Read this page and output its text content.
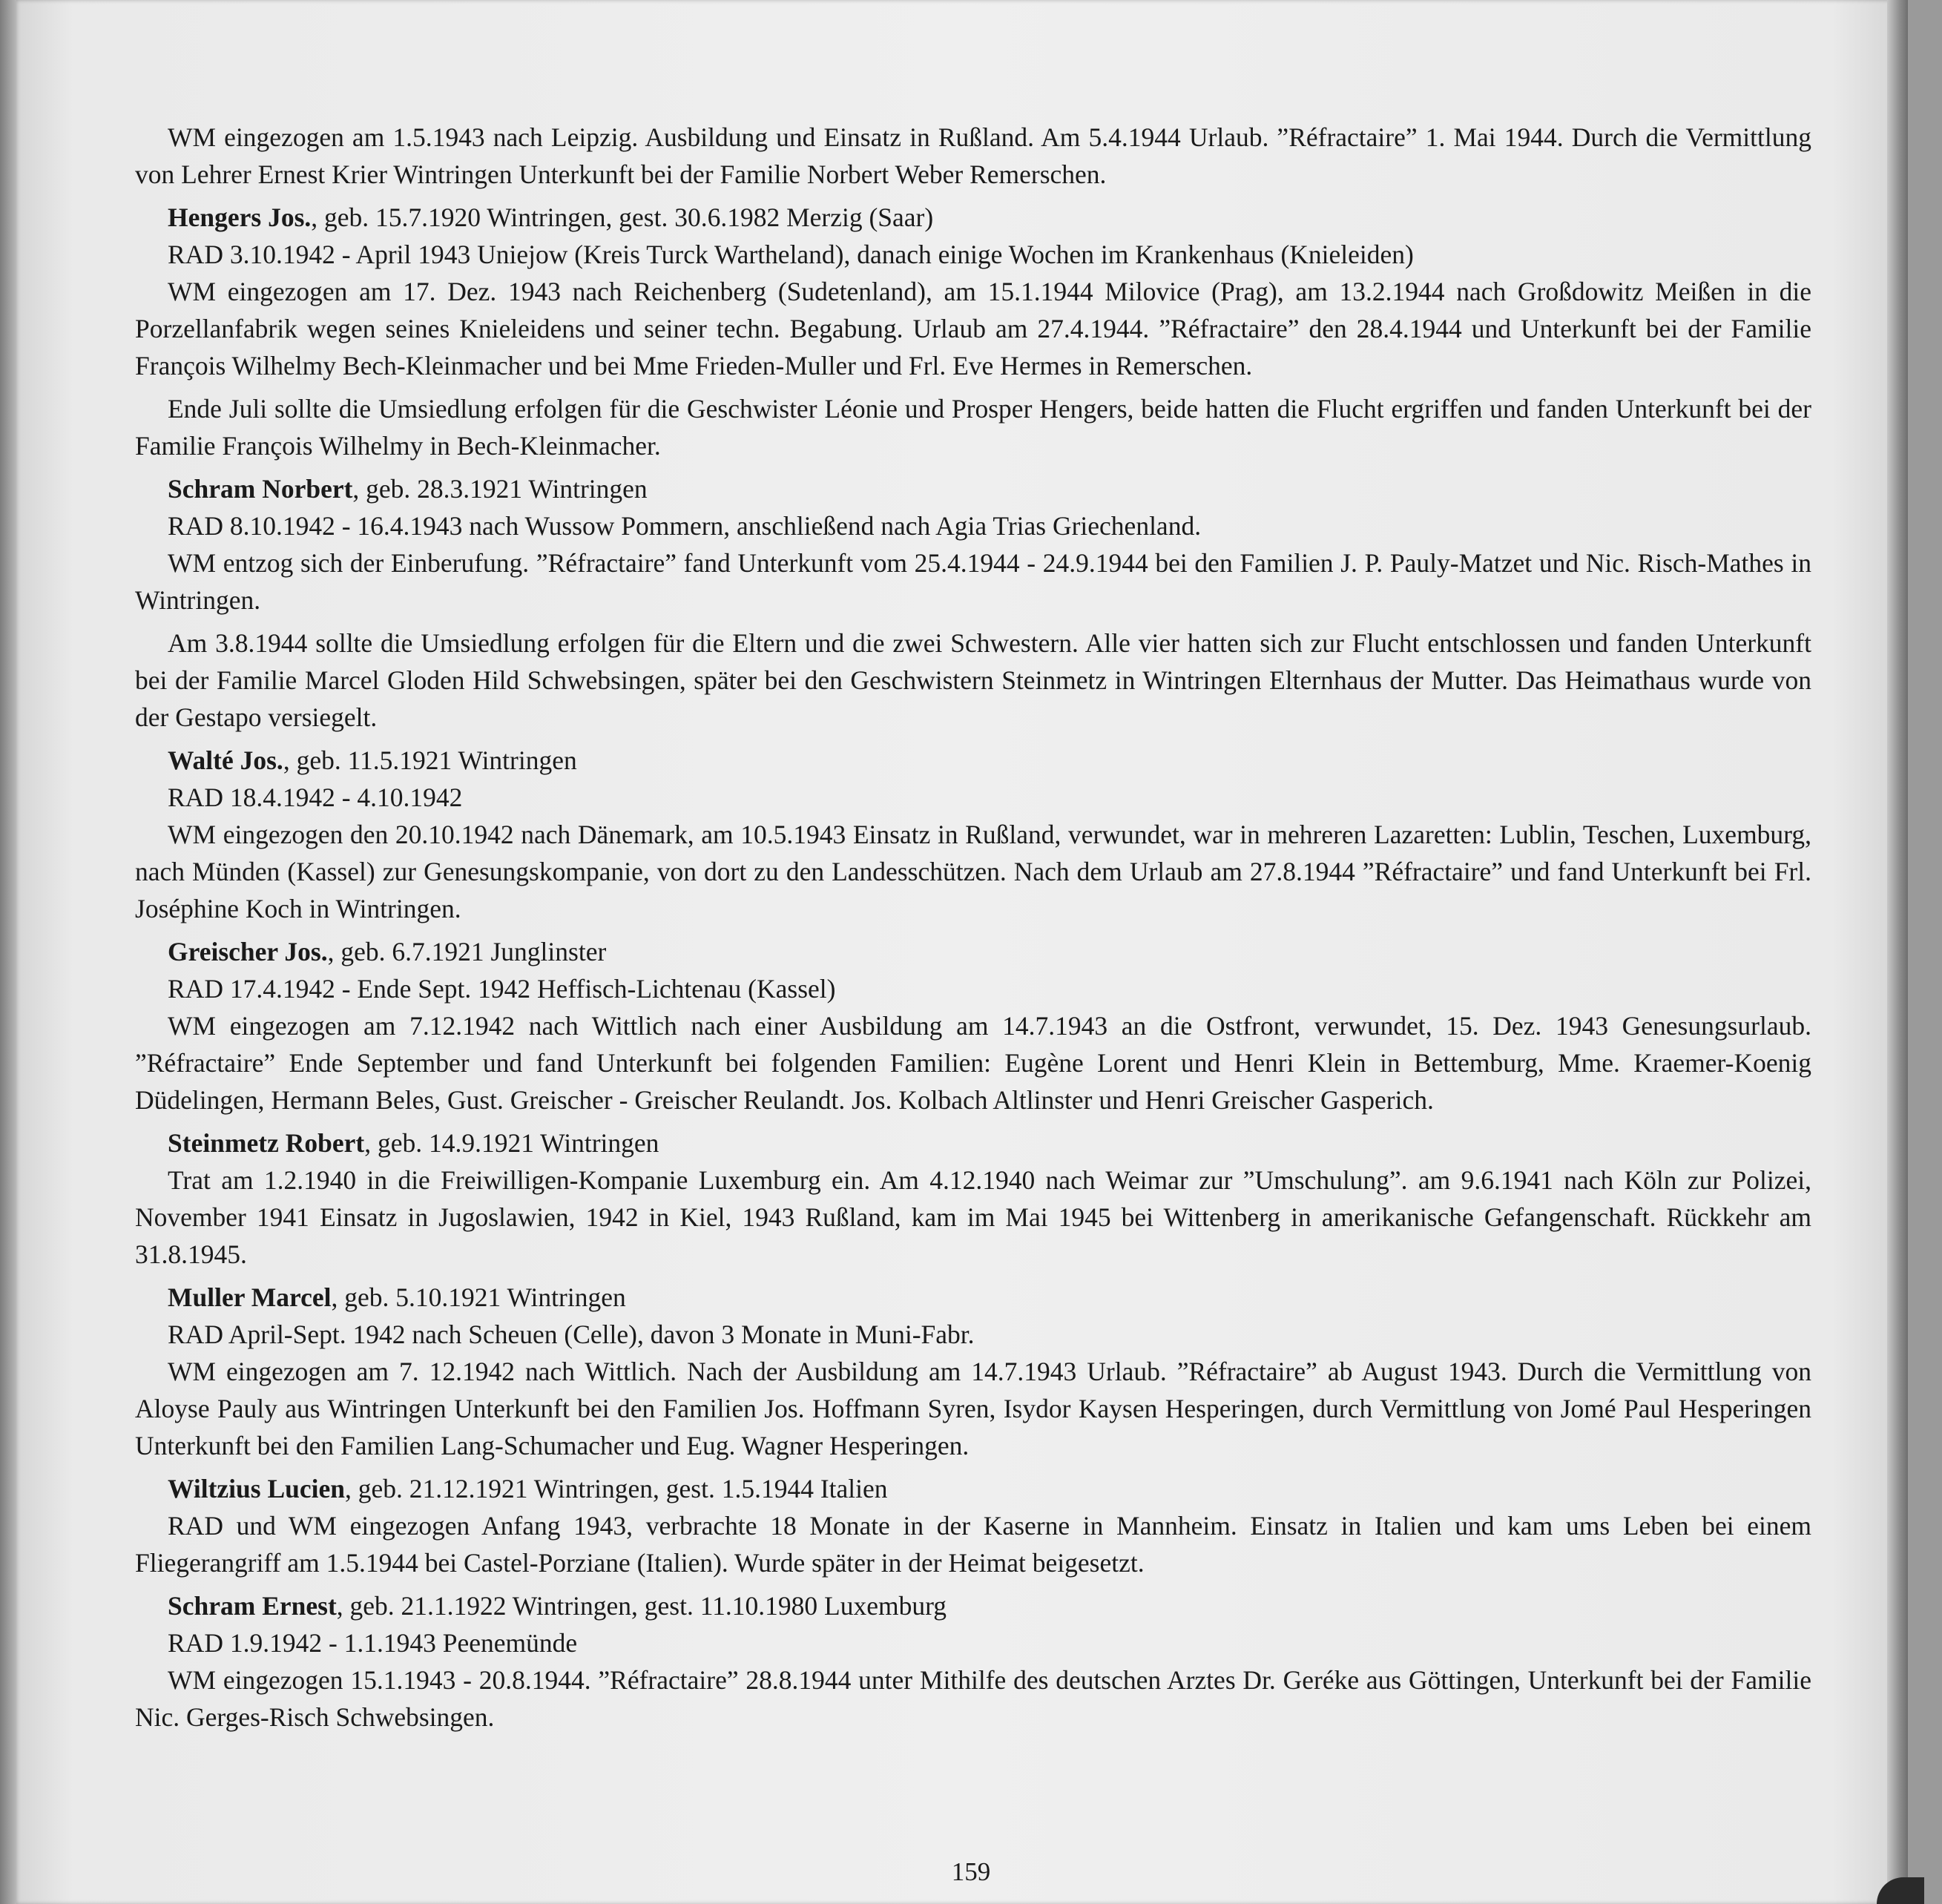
WM eingezogen am 1.5.1943 nach Leipzig. Ausbildung und Einsatz in Rußland. Am 5.4.1944 Urlaub. ”Réfractaire” 1. Mai 1944. Durch die Vermittlung von Lehrer Ernest Krier Wintringen Unterkunft bei der Familie Norbert Weber Remerschen.

Hengers Jos., geb. 15.7.1920 Wintringen, gest. 30.6.1982 Merzig (Saar)

RAD 3.10.1942 - April 1943 Uniejow (Kreis Turck Wartheland), danach einige Wochen im Krankenhaus (Knieleiden)

WM eingezogen am 17. Dez. 1943 nach Reichenberg (Sudetenland), am 15.1.1944 Milovice (Prag), am 13.2.1944 nach Großdowitz Meißen in die Porzellanfabrik wegen seines Knieleidens und seiner techn. Begabung. Urlaub am 27.4.1944. ”Réfractaire” den 28.4.1944 und Unterkunft bei der Familie François Wilhelmy Bech-Kleinmacher und bei Mme Frieden-Muller und Frl. Eve Hermes in Remerschen.

Ende Juli sollte die Umsiedlung erfolgen für die Geschwister Léonie und Prosper Hengers, beide hatten die Flucht ergriffen und fanden Unterkunft bei der Familie François Wilhelmy in Bech-Kleinmacher.

Schram Norbert, geb. 28.3.1921 Wintringen

RAD 8.10.1942 - 16.4.1943 nach Wussow Pommern, anschließend nach Agia Trias Griechenland.

WM entzog sich der Einberufung. ”Réfractaire” fand Unterkunft vom 25.4.1944 - 24.9.1944 bei den Familien J. P. Pauly-Matzet und Nic. Risch-Mathes in Wintringen.

Am 3.8.1944 sollte die Umsiedlung erfolgen für die Eltern und die zwei Schwestern. Alle vier hatten sich zur Flucht entschlossen und fanden Unterkunft bei der Familie Marcel Gloden Hild Schwebsingen, später bei den Geschwistern Steinmetz in Wintringen Elternhaus der Mutter. Das Heimathaus wurde von der Gestapo versiegelt.

Walté Jos., geb. 11.5.1921 Wintringen

RAD 18.4.1942 - 4.10.1942

WM eingezogen den 20.10.1942 nach Dänemark, am 10.5.1943 Einsatz in Rußland, verwundet, war in mehreren Lazaretten: Lublin, Teschen, Luxemburg, nach Münden (Kassel) zur Genesungskompanie, von dort zu den Landesschützen. Nach dem Urlaub am 27.8.1944 ”Réfractaire” und fand Unterkunft bei Frl. Joséphine Koch in Wintringen.

Greischer Jos., geb. 6.7.1921 Junglinster

RAD 17.4.1942 - Ende Sept. 1942 Heffisch-Lichtenau (Kassel)

WM eingezogen am 7.12.1942 nach Wittlich nach einer Ausbildung am 14.7.1943 an die Ostfront, verwundet, 15. Dez. 1943 Genesungsurlaub. ”Réfractaire” Ende September und fand Unterkunft bei folgenden Familien: Eugène Lorent und Henri Klein in Bettemburg, Mme. Kraemer-Koenig Düdelingen, Hermann Beles, Gust. Greischer - Greischer Reulandt. Jos. Kolbach Altlinster und Henri Greischer Gasperich.

Steinmetz Robert, geb. 14.9.1921 Wintringen

Trat am 1.2.1940 in die Freiwilligen-Kompanie Luxemburg ein. Am 4.12.1940 nach Weimar zur ”Umschulung”. am 9.6.1941 nach Köln zur Polizei, November 1941 Einsatz in Jugoslawien, 1942 in Kiel, 1943 Rußland, kam im Mai 1945 bei Wittenberg in amerikanische Gefangenschaft. Rückkehr am 31.8.1945.

Muller Marcel, geb. 5.10.1921 Wintringen

RAD April-Sept. 1942 nach Scheuen (Celle), davon 3 Monate in Muni-Fabr.

WM eingezogen am 7. 12.1942 nach Wittlich. Nach der Ausbildung am 14.7.1943 Urlaub. ”Réfractaire” ab August 1943. Durch die Vermittlung von Aloyse Pauly aus Wintringen Unterkunft bei den Familien Jos. Hoffmann Syren, Isydor Kaysen Hesperingen, durch Vermittlung von Jomé Paul Hesperingen Unterkunft bei den Familien Lang-Schumacher und Eug. Wagner Hesperingen.

Wiltzius Lucien, geb. 21.12.1921 Wintringen, gest. 1.5.1944 Italien

RAD und WM eingezogen Anfang 1943, verbrachte 18 Monate in der Kaserne in Mannheim. Einsatz in Italien und kam ums Leben bei einem Fliegerangriff am 1.5.1944 bei Castel-Porziane (Italien). Wurde später in der Heimat beigesetzt.

Schram Ernest, geb. 21.1.1922 Wintringen, gest. 11.10.1980 Luxemburg

RAD 1.9.1942 - 1.1.1943 Peenemünde

WM eingezogen 15.1.1943 - 20.8.1944. ”Réfractaire” 28.8.1944 unter Mithilfe des deutschen Arztes Dr. Geréke aus Göttingen, Unterkunft bei der Familie Nic. Gerges-Risch Schwebsingen.

159
